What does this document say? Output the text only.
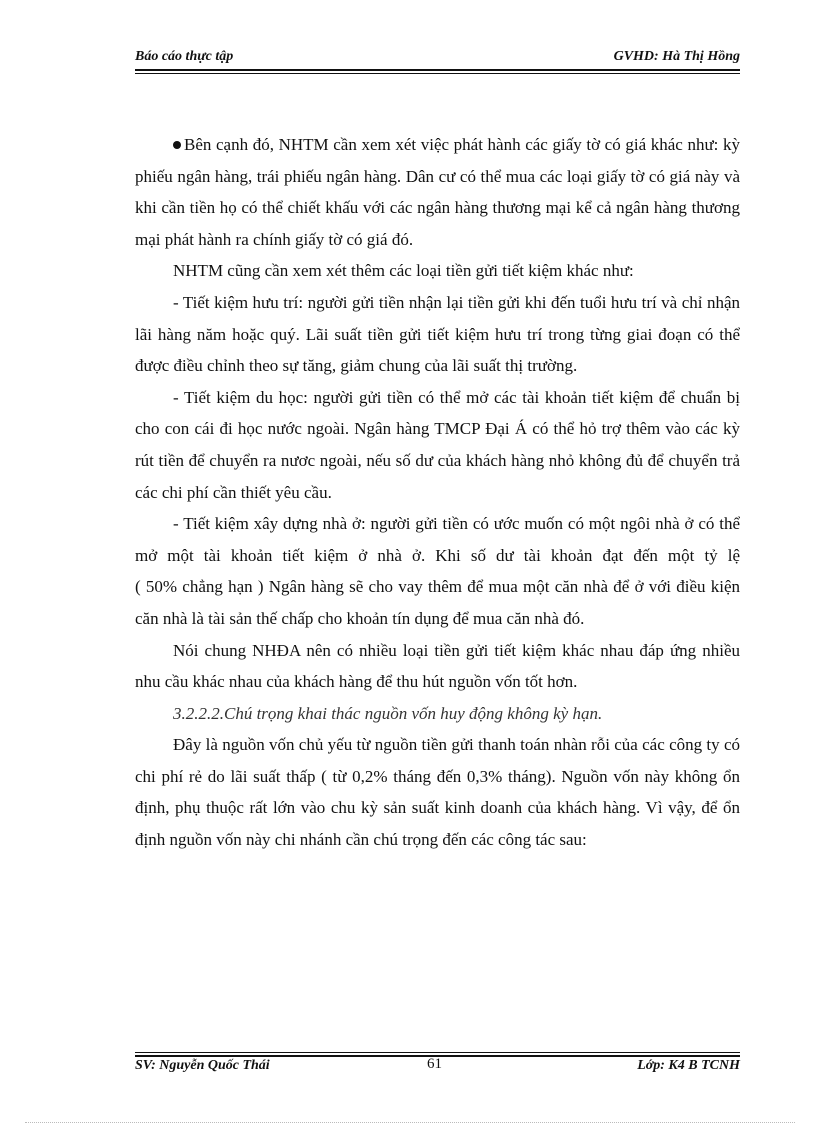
Báo cáo thực tập	GVHD: Hà Thị Hồng

Bên cạnh đó, NHTM cần xem xét việc phát hành các giấy tờ có giá khác như: kỳ phiếu ngân hàng, trái phiếu ngân hàng. Dân cư có thể mua các loại giấy tờ có giá này và khi cần tiền họ có thể chiết khấu với các ngân hàng thương mại kể cả ngân hàng thương mại phát hành ra chính giấy tờ có giá đó.

NHTM cũng cần xem xét thêm các loại tiền gửi tiết kiệm khác như:

- Tiết kiệm hưu trí: người gửi tiền nhận lại tiền gửi khi đến tuổi hưu trí và chỉ nhận lãi hàng năm hoặc quý. Lãi suất tiền gửi tiết kiệm hưu trí trong từng giai đoạn có thể được điều chỉnh theo sự tăng, giảm chung của lãi suất thị trường.

- Tiết kiệm du học: người gửi tiền có thể mở các tài khoản tiết kiệm để chuẩn bị cho con cái đi học nước ngoài. Ngân hàng TMCP Đại Á có thể hỏ trợ thêm vào các kỳ rút tiền để chuyển ra nươc ngoài, nếu số dư của khách hàng nhỏ không đủ để chuyển trả các chi phí cần thiết yêu cầu.

- Tiết kiệm xây dựng nhà ở: người gửi tiền có ước muốn có một ngôi nhà ở có thể mở một tài khoản tiết kiệm ở nhà ở. Khi số dư tài khoản đạt đến một tỷ lệ

( 50% chẳng hạn ) Ngân hàng sẽ cho vay thêm để mua một căn nhà để ở với điều kiện căn nhà là tài sản thế chấp cho khoản tín dụng để mua căn nhà đó.

Nói chung NHĐA nên có nhiều loại tiền gửi tiết kiệm khác nhau đáp ứng nhiều nhu cầu khác nhau của khách hàng để thu hút nguồn vốn tốt hơn.

3.2.2.2.Chú trọng khai thác nguồn vốn huy động không kỳ hạn.

Đây là nguồn vốn chủ yếu từ nguồn tiền gửi thanh toán nhàn rỗi của các công ty có chi phí rẻ do lãi suất thấp ( từ 0,2% tháng đến 0,3% tháng). Nguồn vốn này không ổn định, phụ thuộc rất lớn vào chu kỳ sản suất kinh doanh của khách hàng. Vì vậy, để ổn định nguồn vốn này chi nhánh cần chú trọng đến các công tác sau:

SV: Nguyễn Quốc Thái	61	Lớp: K4 B TCNH
